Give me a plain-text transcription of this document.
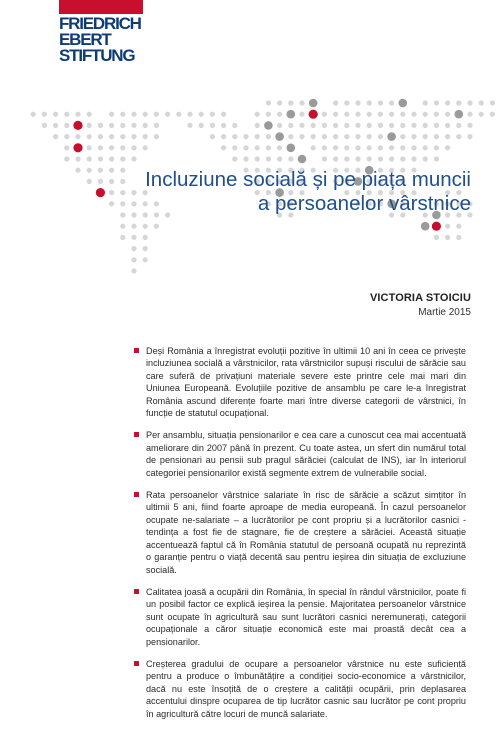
FRIEDRICH
EBERT
STIFTUNG
Incluziune socială și pe piața muncii
a persoanelor vârstnice
VICTORIA STOICIU
Martie 2015

Deși România a înregistrat evoluții pozitive în ultimii 10 ani în ceea ce privește incluziunea socială a vârstnicilor, rata vârstnicilor supuși riscului de sărăcie sau care suferă de privațiuni materiale severe este printre cele mai mari din Uniunea Europeană. Evoluțiile pozitive de ansamblu pe care le-a înregistrat România ascund diferențe foarte mari între diverse categorii de vârstnici, în funcție de statutul ocupațional.

Per ansamblu, situația pensionarilor e cea care a cunoscut cea mai accentuată ameliorare din 2007 până în prezent. Cu toate astea, un sfert din numărul total de pensionari au pensii sub pragul sărăciei (calculat de INS), iar în interiorul categoriei pensionarilor există segmente extrem de vulnerabile social.

Rata persoanelor vârstnice salariate în risc de sărăcie a scăzut simțitor în ultimii 5 ani, fiind foarte aproape de media europeană. În cazul persoanelor ocupate ne-salariate – a lucrătorilor pe cont propriu și a lucrătorilor casnici - tendința a fost fie de stagnare, fie de creștere a sărăciei. Această situație accentuează faptul că în România statutul de persoană ocupată nu reprezintă o garanție pentru o viață decentă sau pentru ieșirea din situația de excluziune socială.

Calitatea joasă a ocupării din România, în special în rândul vârstnicilor, poate fi un posibil factor ce explică ieșirea la pensie. Majoritatea persoanelor vârstnice sunt ocupate în agricultură sau sunt lucrători casnici neremunerați, categorii ocupaționale a căror situație economică este mai proastă decât cea a pensionarilor.

Creșterea gradului de ocupare a persoanelor vârstnice nu este suficientă pentru a produce o îmbunătățire a condiției socio-economice a vârstnicilor, dacă nu este însoțită de o creștere a calității ocupării, prin deplasarea accentului dinspre ocuparea de tip lucrător casnic sau lucrător pe cont propriu în agricultură către locuri de muncă salariate.
